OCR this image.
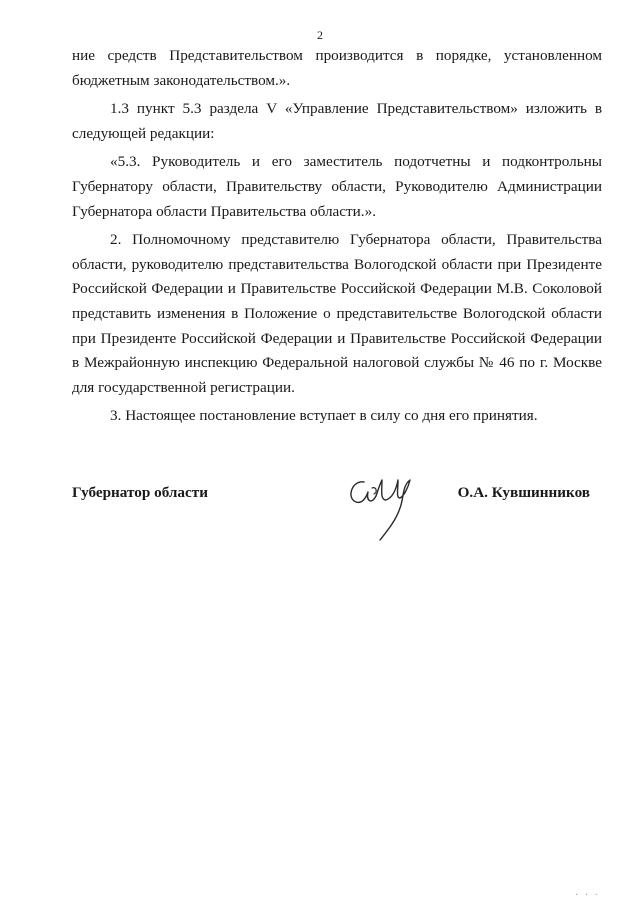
2

ние средств Представительством производится в порядке, установленном бюджетным законодательством.».

1.3 пункт 5.3 раздела V «Управление Представительством» изложить в следующей редакции:

«5.3. Руководитель и его заместитель подотчетны и подконтрольны Губернатору области, Правительству области, Руководителю Администрации Губернатора области Правительства области.».

2. Полномочному представителю Губернатора области, Правительства области, руководителю представительства Вологодской области при Президенте Российской Федерации и Правительстве Российской Федерации М.В. Соколовой представить изменения в Положение о представительстве Вологодской области при Президенте Российской Федерации и Правительстве Российской Федерации в Межрайонную инспекцию Федеральной налоговой службы № 46 по г. Москве для государственной регистрации.

3. Настоящее постановление вступает в силу со дня его принятия.

Губернатор области	О.А. Кувшинников
· · ·
